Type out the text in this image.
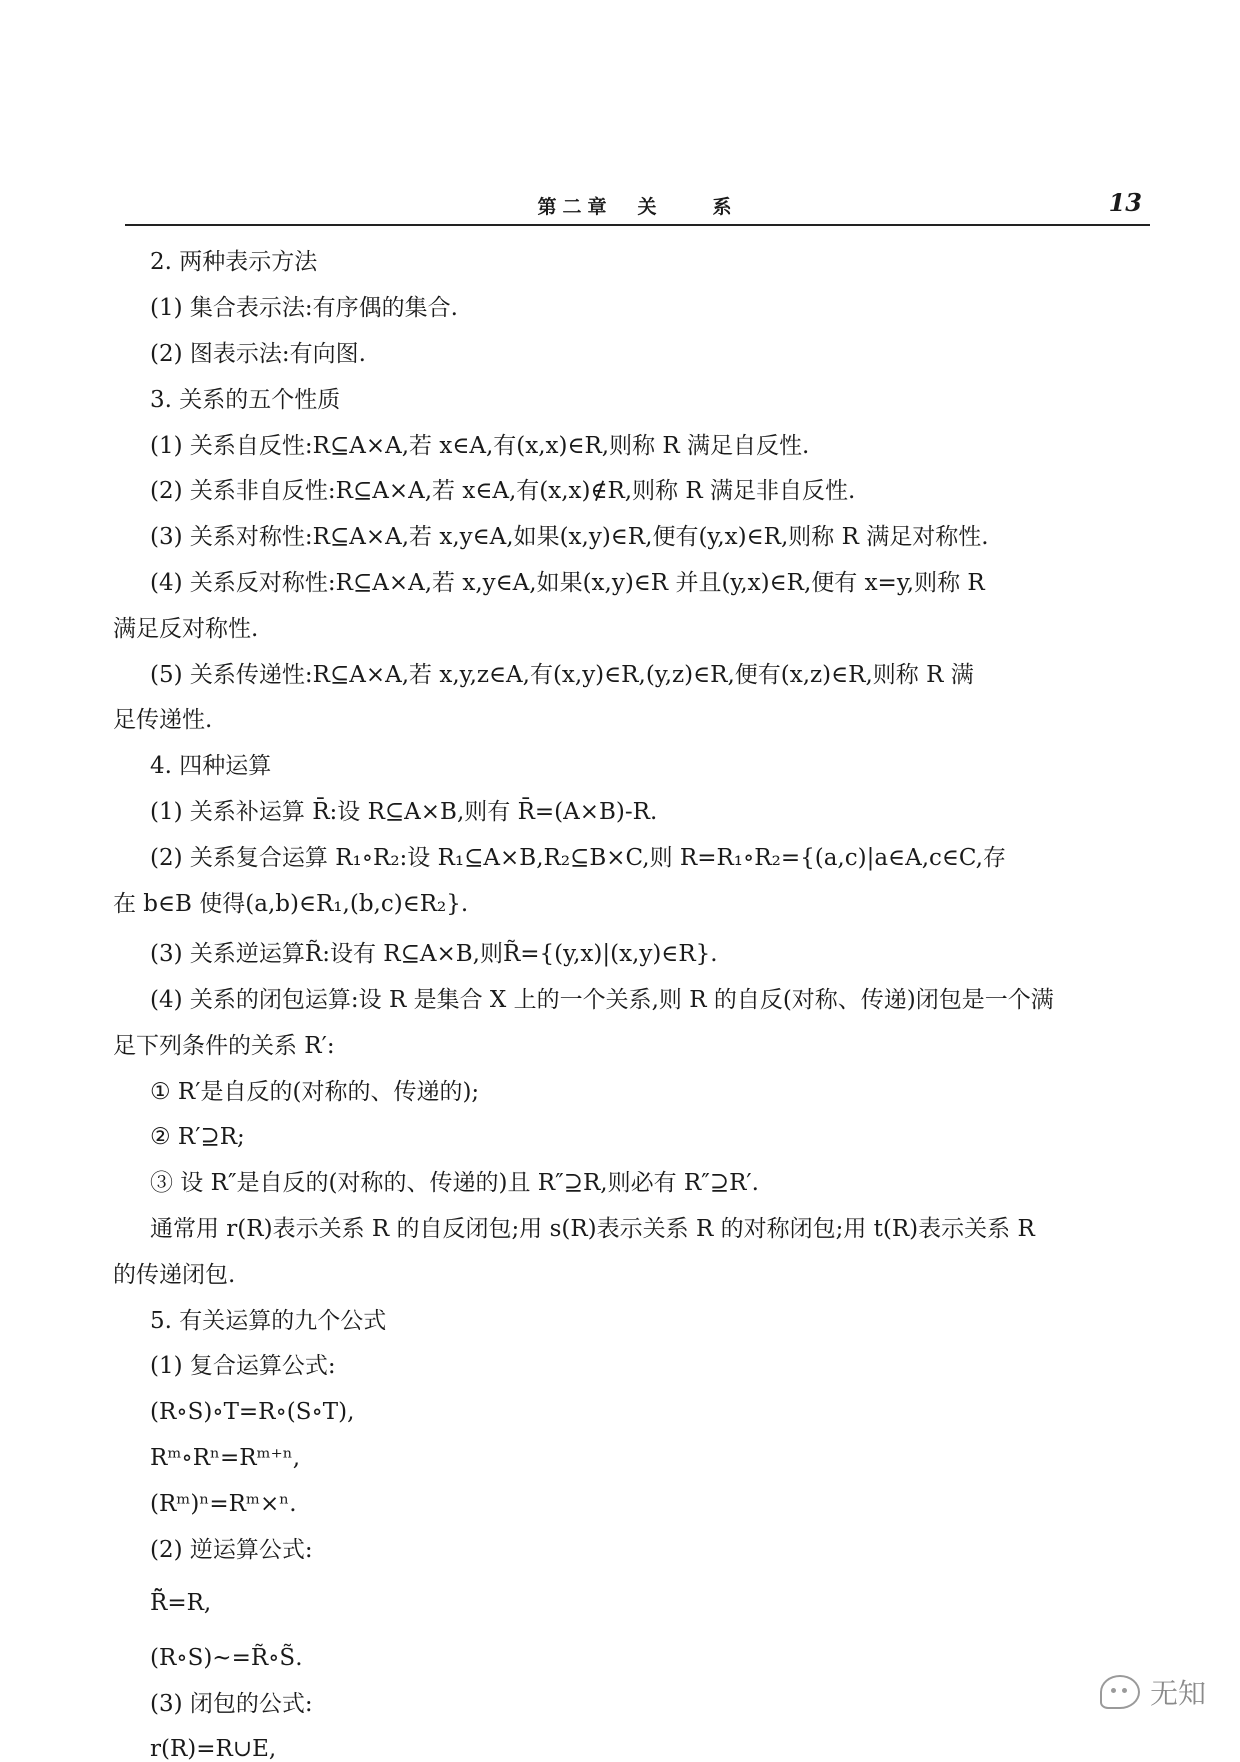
第二章　关　　系	13
2. 两种表示方法
(1) 集合表示法:有序偶的集合.
(2) 图表示法:有向图.
3. 关系的五个性质
(1) 关系自反性:R⊆A×A,若 x∈A,有(x,x)∈R,则称 R 满足自反性.
(2) 关系非自反性:R⊆A×A,若 x∈A,有(x,x)∉R,则称 R 满足非自反性.
(3) 关系对称性:R⊆A×A,若 x,y∈A,如果(x,y)∈R,便有(y,x)∈R,则称 R 满足对称性.
(4) 关系反对称性:R⊆A×A,若 x,y∈A,如果(x,y)∈R 并且(y,x)∈R,便有 x=y,则称 R
满足反对称性.
(5) 关系传递性:R⊆A×A,若 x,y,z∈A,有(x,y)∈R,(y,z)∈R,便有(x,z)∈R,则称 R 满
足传递性.
4. 四种运算
(1) 关系补运算 R̄:设 R⊆A×B,则有 R̄=(A×B)-R.
(2) 关系复合运算 R₁∘R₂:设 R₁⊆A×B,R₂⊆B×C,则 R=R₁∘R₂={(a,c)|a∈A,c∈C,存
在 b∈B 使得(a,b)∈R₁,(b,c)∈R₂}.
(3) 关系逆运算R̃:设有 R⊆A×B,则R̃={(y,x)|(x,y)∈R}.
(4) 关系的闭包运算:设 R 是集合 X 上的一个关系,则 R 的自反(对称、传递)闭包是一个满
足下列条件的关系 R′:
① R′是自反的(对称的、传递的);
② R′⊇R;
③ 设 R″是自反的(对称的、传递的)且 R″⊇R,则必有 R″⊇R′.
通常用 r(R)表示关系 R 的自反闭包;用 s(R)表示关系 R 的对称闭包;用 t(R)表示关系 R
的传递闭包.
5. 有关运算的九个公式
(1) 复合运算公式:
(R∘S)∘T=R∘(S∘T),
Rᵐ∘Rⁿ=Rᵐ⁺ⁿ,
(Rᵐ)ⁿ=Rᵐ×ⁿ.
(2) 逆运算公式:
R̃̃=R,
(R∘S)~=R̃∘S̃.
(3) 闭包的公式:
r(R)=R∪E,
无知
